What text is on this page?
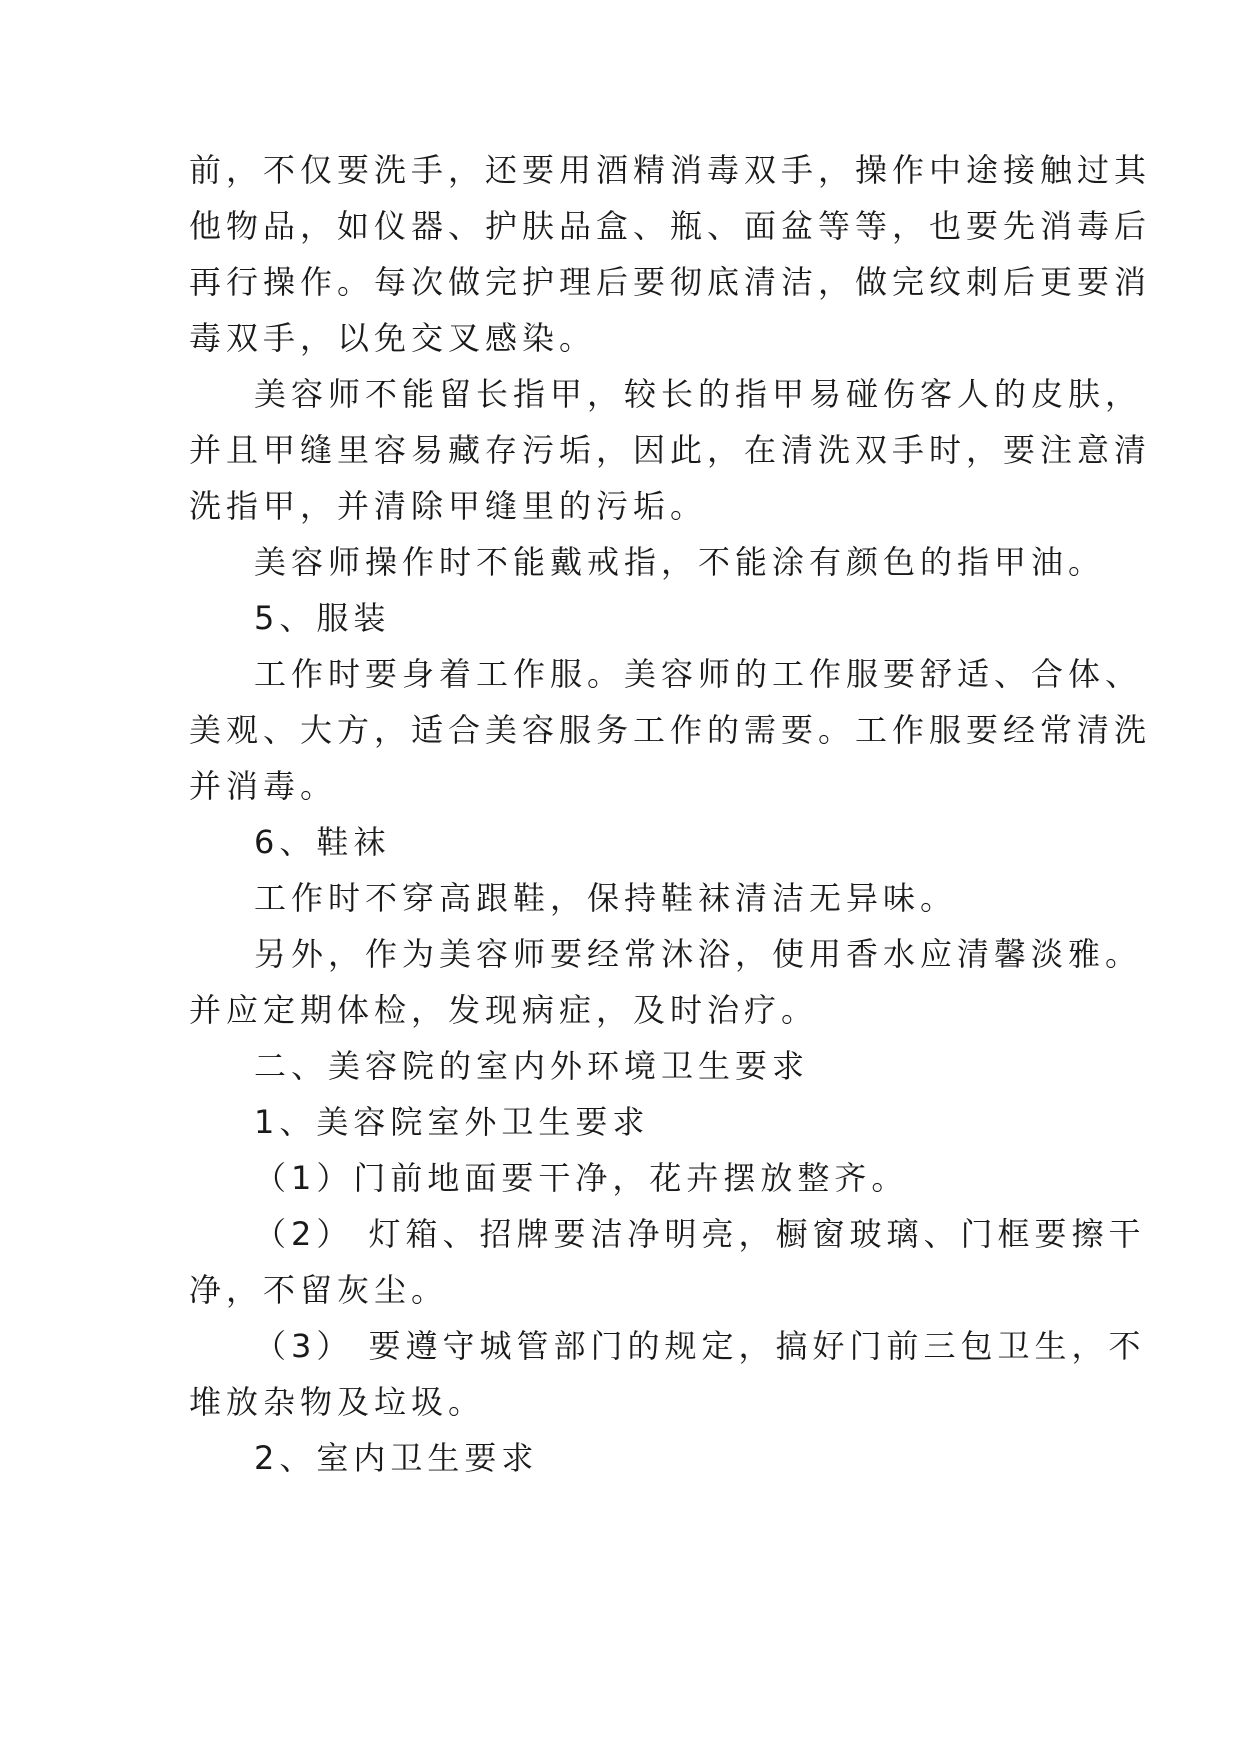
前，不仅要洗手，还要用酒精消毒双手，操作中途接触过其
他物品，如仪器、护肤品盒、瓶、面盆等等，也要先消毒后
再行操作。每次做完护理后要彻底清洁，做完纹刺后更要消
毒双手，以免交叉感染。
美容师不能留长指甲，较长的指甲易碰伤客人的皮肤，
并且甲缝里容易藏存污垢，因此，在清洗双手时，要注意清
洗指甲，并清除甲缝里的污垢。
美容师操作时不能戴戒指，不能涂有颜色的指甲油。
5、服装
工作时要身着工作服。美容师的工作服要舒适、合体、
美观、大方，适合美容服务工作的需要。工作服要经常清洗
并消毒。
6、鞋袜
工作时不穿高跟鞋，保持鞋袜清洁无异味。
另外，作为美容师要经常沐浴，使用香水应清馨淡雅。
并应定期体检，发现病症，及时治疗。
二、美容院的室内外环境卫生要求
1、美容院室外卫生要求
（1）门前地面要干净，花卉摆放整齐。
（2） 灯箱、招牌要洁净明亮，橱窗玻璃、门框要擦干
净，不留灰尘。
（3） 要遵守城管部门的规定，搞好门前三包卫生，不
堆放杂物及垃圾。
2、室内卫生要求
